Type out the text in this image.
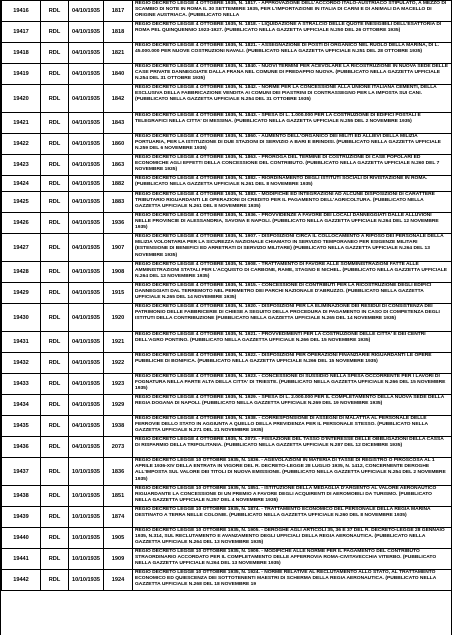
19416	RDL	04/10/1935	1817	REGIO DECRETO LEGGE 4 OTTOBRE 1935, N. 1817. - APPROVAZIONE DELL'ACCORDO ITALO-AUSTRIACO STIPULATO, A MEZZO DI SCAMBIO DI NOTE IN ROMA IL 30 SETTEMBRE 1935, PER L'IMPORTAZIONE IN ITALIA DI CARNI E DI ANIMALI DA MACELLO DI ORIGINE AUSTRIACA. (PUBBLICATO NELLA

19417	RDL	04/10/1935	1818	REGIO DECRETO LEGGE 4 OTTOBRE 1935, N. 1818. - LIQUIDAZIONE A STRALCIO DELLE QUOTE INESIGIBILI DELL'ESATTORIA DI ROMA PEL QUINQUENNIO 1923-1927. (PUBBLICATO NELLA GAZZETTA UFFICIALE N.250 DEL 26 OTTOBRE 1935)

19418	RDL	04/10/1935	1821	REGIO DECRETO LEGGE 4 OTTOBRE 1935, N. 1821. - ASSEGNAZIONE DI POSTI DI ORGANICO NEL RUOLO DELLA MARINA, DI L. 45.000.000 PER NUOVE COSTRUZIONI NAVALI. (PUBBLICATO NELLA GAZZETTA UFFICIALE N.251 DEL 28 OTTOBRE 1935)

19419	RDL	04/10/1935	1840	REGIO DECRETO LEGGE 4 OTTOBRE 1935, N. 1840. - NUOVI TERMINI PER ACEVOLARE LA RICOSTRUZIONE IN NUOVA SEDE DELLE CASE PRIVATE DANNEGGIATE DALLA FRANA NEL COMUNE DI PREDAPPIO NUOVA. (PUBBLICATO NELLA GAZZETTA UFFICIALE N.254 DEL 31 OTTOBRE 1935)

19420	RDL	04/10/1935	1842	REGIO DECRETO LEGGE 4 OTTOBRE 1935, N. 1842. - NORME PER LA CONCESSIONE ALLA UNIONE ITALIANA CEMENTI, DELLA ESCLUSIVA DELLA FABBRICAZIONE VENDITA AI COMUNI DEI PIASTRINI DI CONTRASSEGNO PER LA IMPOSTA SUI CANI. (PUBBLICATO NELLA GAZZETTA UFFICIALE N.254 DEL 31 OTTOBRE 1935)

19421	RDL	04/10/1935	1843	REGIO DECRETO LEGGE 4 OTTOBRE 1935, N. 1843. - SPESA DI L. 1.000.000 PER LA COSTRUZIONE DI EDIFICI POSTALI E TELEGRAFICI NELLA CITTA' DI MESSINA. (PUBBLICATO NELLA GAZZETTA UFFICIALE N.255 DEL 2 NOVEMBRE 1935)

19422	RDL	04/10/1935	1860	REGIO DECRETO LEGGE 4 OTTOBRE 1935, N. 1860. - AUMENTO DELL'ORGANICO DEI MILITI ED ALLIEVI DELLA MILIZIA PORTUARIA, PER LA ISTITUZIONE DI DUE STAZIONI DI SERVIZIO A BARI E BRINDISI. (PUBBLICATO NELLA GAZZETTA UFFICIALE N.259 DEL 6 NOVEMBRE 1935)

19423	RDL	04/10/1935	1863	REGIO DECRETO LEGGE 4 OTTOBRE 1935, N. 1863. - PROROGA DEL TERMINE DI COSTRUZIONE DI CASE POPOLARI ED ECONOMICHE AGLI EFFETTI DELLA CONCESSIONE DEL CONTRIBUTO. (PUBBLICATO NELLA GAZZETTA UFFICIALE N.260 DEL 7 NOVEMBRE 1935)

19424	RDL	04/10/1935	1882	REGIO DECRETO LEGGE 4 OTTOBRE 1935, N. 1882. - RIORDINAMENTO DEGLI ISTITUTI SOCIALI DI RIVISTAZIONE IN ROMA. (PUBBLICATO NELLA GAZZETTA UFFICIALE N.261 DEL 8 NOVEMBRE 1935)

19425	RDL	04/10/1935	1883	REGIO DECRETO LEGGE 4 OTTOBRE 1935, N. 1883. - MODIFICHE ED INTEGRAZIONI AD ALCUNE DISPOSIZIONI DI CARATTERE TRIBUTARIO RIGUARDANTI LE OPERAZIONI DI CREDITO PER IL PAGAMENTO DELL'AGRICOLTURA. (PUBBLICATO NELLA GAZZETTA UFFICIALE N.261 DEL 8 NOVEMBRE 1935)

19426	RDL	04/10/1935	1936	REGIO DECRETO LEGGE 4 OTTOBRE 1935, N. 1936. - PROVVIDENZE A FAVORE DEI LOCALI DANNEGGIATI DALLE ALLUVIONI NELLE PROVINCIE DI ALESSANDRIA, SAVONA E NAPOLI. (PUBBLICATO NELLA GAZZETTA UFFICIALE N.264 DEL 12 NOVEMBRE 1935)

19427	RDL	04/10/1935	1907	REGIO DECRETO LEGGE 4 OTTOBRE 1935, N. 1907. - DISPOSIZIONI CIRCA IL COLLOCAMENTO A RIPOSO DEI PERSONALE DELLA MILIZIA VOLONTARIA PER LA SICUREZZA NAZIONALE CHIAMATO IN SERVIZIO TEMPORANEO PER ESIGENZE MILITARI (ESTENSIONE DI BENEFICI ED ARRETRATI DI SERVIZIO MILITARE) (PUBBLICATO NELLA GAZZETTA UFFICIALE N.264 DEL 13 NOVEMBRE 1935)

19428	RDL	04/10/1935	1908	REGIO DECRETO LEGGE 4 OTTOBRE 1935, N. 1908. - TRATTAMENTO DI FAVORE ALLE SOMMINISTRAZIONI FATTE ALLE AMMINISTRAZIONI STATALI PER L'ACQUISTO DI CARBONE, RAME, STAGNO E NICHEL. (PUBBLICATO NELLA GAZZETTA UFFICIALE N.264 DEL 13 NOVEMBRE 1935)

19429	RDL	04/10/1935	1915	REGIO DECRETO LEGGE 4 OTTOBRE 1935, N. 1915. - CONCESSIONE DI CONTRIBUTI PER LA RICOSTRUZIONE DEGLI EDIFICI DANNEGGIATI DAL TERREMOTO NEL PERIMETRO DEI PARCHI NAZIONALE D'ABRUZZO. (PUBBLICATO NELLA GAZZETTA UFFICIALE N.265 DEL 14 NOVEMBRE 1935)

19430	RDL	04/10/1935	1920	REGIO DECRETO LEGGE 4 OTTOBRE 1935, N. 1920. - DISPOSIZIONI PER LA ELIMINAZIONE DEI RESIDUI DI CONSISTENZA DEI PATRIMONIO DELLE FABBRICERIE DI CHIESE A SEGUITO DELLA PROCEDURA DI PAGAMENTO IN CASO DI COMPETENZA DEGLI ISTITUTI DELLA CONTRIBUZIONE (PUBBLICATO NELLA GAZZETTA UFFICIALE N.265 DEL 14 NOVEMBRE 1935)

19431	RDL	04/10/1935	1921	REGIO DECRETO LEGGE 4 OTTOBRE 1935, N. 1921. - PROVVEDIMENTI PER LA COSTRUZIONE DELLE CITTA' E DEI CENTRI DELL'AGRO PONTINO. (PUBBLICATO NELLA GAZZETTA UFFICIALE N.266 DEL 15 NOVEMBRE 1935)

19432	RDL	04/10/1935	1922	REGIO DECRETO LEGGE 4 OTTOBRE 1935, N. 1922. - DISPOSIZIONI PER OPERAZIONI FINANZIARIE RIGUARDANTI LE OPERE PUBBLICHE DI BONIFICA. (PUBBLICATO NELLA GAZZETTA UFFICIALE N.266 DEL 15 NOVEMBRE 1935)

19433	RDL	04/10/1935	1923	REGIO DECRETO LEGGE 4 OTTOBRE 1935, N. 1923. - CONCESSIONE DI SUSSIDIO NELLA SPESA OCCORRENTE PER I LAVORI DI FOGNATURA NELLA PARTE ALTA DELLA CITTA' DI TRIESTE. (PUBBLICATO NELLA GAZZETTA UFFICIALE N.266 DEL 15 NOVEMBRE 1935)

19434	RDL	04/10/1935	1929	REGIO DECRETO LEGGE 4 OTTOBRE 1935, N. 1929. - SPESA DI L. 2.000.000 PER IL COMPLETAMENTO DELLA NUOVA SEDE DELLA REGIA DOGANA DI NAPOLI. (PUBBLICATO NELLA GAZZETTA UFFICIALE N.269 DEL 19 NOVEMBRE 1935)

19435	RDL	04/10/1935	1938	REGIO DECRETO LEGGE 4 OTTOBRE 1935, N. 1938. - CORRESPONSIONE DI ASSEGNI DI MALATTIA AL PERSONALE DELLE FERROVIE DELLO STATO IN AGGIUNTA A QUELLO DELLA PREVIDENZA PER IL PERSONALE STESSO. (PUBBLICATO NELLA GAZZETTA UFFICIALE N.271 DEL 21 NOVEMBRE 1935)

19436	RDL	04/10/1935	2073	REGIO DECRETO LEGGE 4 OTTOBRE 1935, N. 2073. - FISSAZIONE DEL TASSO D'INTERESSE DELLE OBBLIGAZIONI DELLA CASSA DI RISPARMIO DELLA TRIPOLITANIA. (PUBBLICATO NELLA GAZZETTA UFFICIALE N.287 DEL 12 DICEMBRE 1935)

19437	RDL	10/10/1935	1836	REGIO DECRETO LEGGE 10 OTTOBRE 1935, N. 1836. - AGEVOLAZIONI IN MATERIA DI TASSE DI REGISTRO O PIROSCOSA AL 1 APRILE 1936-XIV DELLA ENTRATA IN VIGORE DEL R. DECRETO-LEGGE 28 LUGLIO 1935, N. 1412, CONCERNENTE DEROGHE ALL'IMPOSTA SUL VALORE DEI TITOLI DI NUOVA EMISSIONE. (PUBBLICATO NELLA GAZZETTA UFFICIALE N.254 DEL 2 NOVEMBRE 1935)

19438	RDL	10/10/1935	1851	REGIO DECRETO LEGGE 10 OTTOBRE 1935, N. 1851. - ISTITUZIONE DELLA MEDAGLIA D'ARGENTO AL VALORE AERONAUTICO RIGUARDANTE LA CONCESSIONE DI UN PREMIO A FAVORE DEGLI ACQUIRENTI DI AEROMOBILI DA TURISMO. (PUBBLICATO NELLA GAZZETTA UFFICIALE N.257 DEL 4 NOVEMBRE 1935)

19439	RDL	10/10/1935	1874	REGIO DECRETO LEGGE 10 OTTOBRE 1935, N. 1874. - TRATTAMENTO ECONOMICO DEL PERSONALE DELLA REGIA MARINA DESTINATO A TERRA NELLE COLONIE. (PUBBLICATO NELLA GAZZETTA UFFICIALE N.260 DEL 8 NOVEMBRE 1935)

19440	RDL	10/10/1935	1905	REGIO DECRETO LEGGE 10 OTTOBRE 1935, N. 1905. - DEROGHE AGLI ARTICOLI 35, 36 E 37 DEL R. DECRETO-LEGGE 28 GENNAIO 1935, N.314, SUL RECLUTAMENTO E AVANZAMENTO DEGLI UFFICIALI DELLA REGIA AERONAUTICA. (PUBBLICATO NELLA GAZZETTA UFFICIALE N.264 DEL 13 NOVEMBRE 1935)

19441	RDL	10/10/1935	1909	REGIO DECRETO LEGGE 10 OTTOBRE 1935, N. 1909. - MODIFICHE ALLE NORME PER IL PAGAMENTO DEL CONTRIBUTO STRAORDINARIO ACCORDATO PER IL COMPLETAMENTO DELLE AFFERROVIA ROMA-CIVITAVECCHIA VITERBO. (PUBBLICATO NELLA GAZZETTA UFFICIALE N.264 DEL 13 NOVEMBRE 1935)

19442	RDL	10/10/1935	1924	REGIO DECRETO LEGGE 10 OTTOBRE 1935, N. 1924. - NORME RELATIVE AL RECLUTAMENTO ALLO STATO, AL TRATTAMENTO ECONOMICO ED QUIESCENZA DEI SOTTOTENENTI MAESTRI DI SCHERMA DELLA REGIA AERONAUTICA. (PUBBLICATO NELLA GAZZETTA UFFICIALE N.268 DEL 18 NOVEMBRE 19
